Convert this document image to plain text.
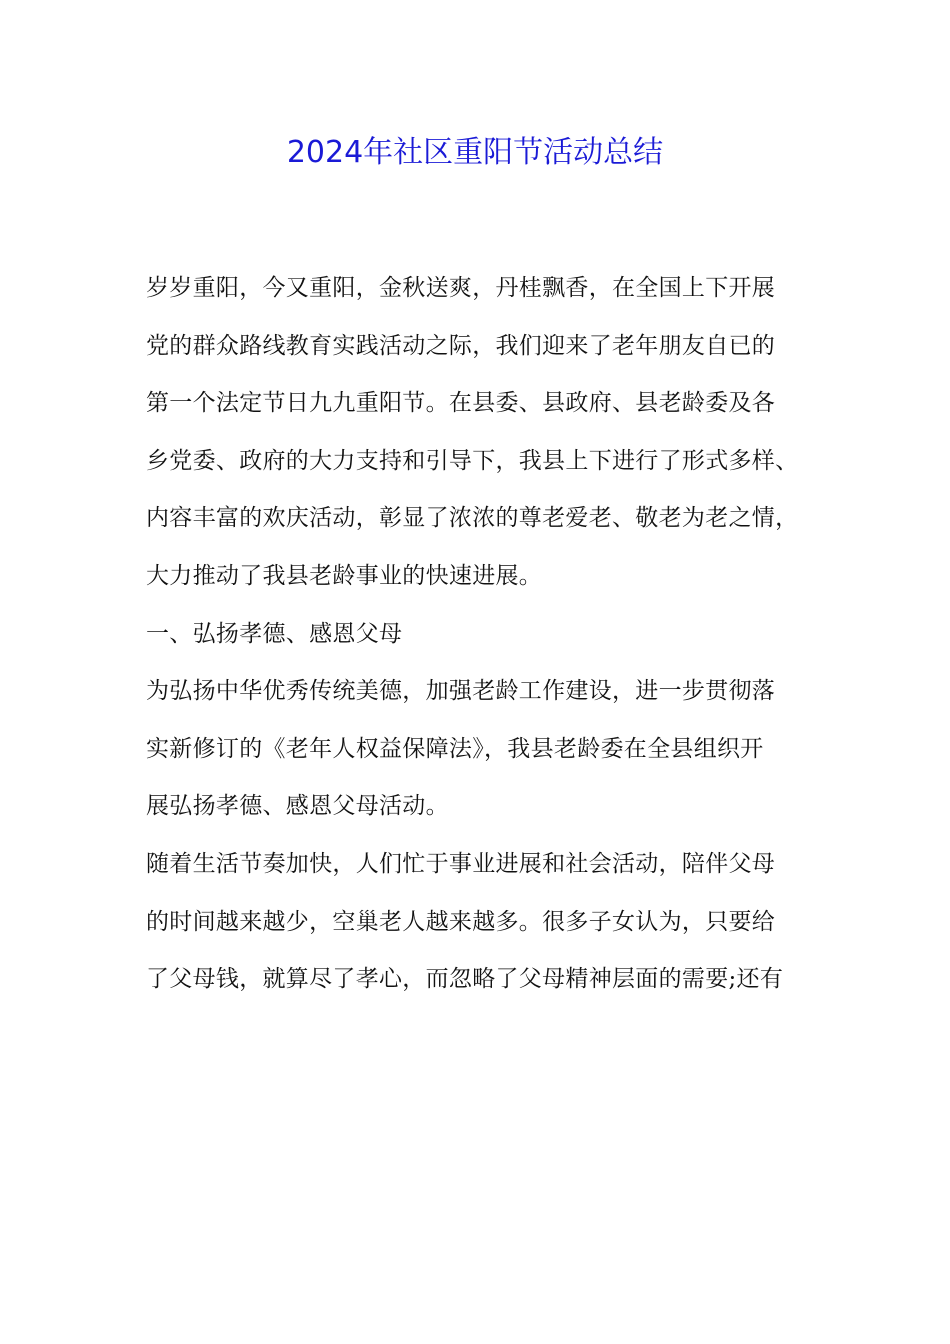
2024年社区重阳节活动总结
岁岁重阳，今又重阳，金秋送爽，丹桂飘香，在全国上下开展
党的群众路线教育实践活动之际，我们迎来了老年朋友自已的
第一个法定节日九九重阳节。在县委、县政府、县老龄委及各
乡党委、政府的大力支持和引导下，我县上下进行了形式多样、
内容丰富的欢庆活动，彰显了浓浓的尊老爱老、敬老为老之情，
大力推动了我县老龄事业的快速进展。
一、弘扬孝德、感恩父母
为弘扬中华优秀传统美德，加强老龄工作建设，进一步贯彻落
实新修订的《老年人权益保障法》，我县老龄委在全县组织开
展弘扬孝德、感恩父母活动。
随着生活节奏加快，人们忙于事业进展和社会活动，陪伴父母
的时间越来越少，空巢老人越来越多。很多子女认为，只要给
了父母钱，就算尽了孝心，而忽略了父母精神层面的需要;还有
